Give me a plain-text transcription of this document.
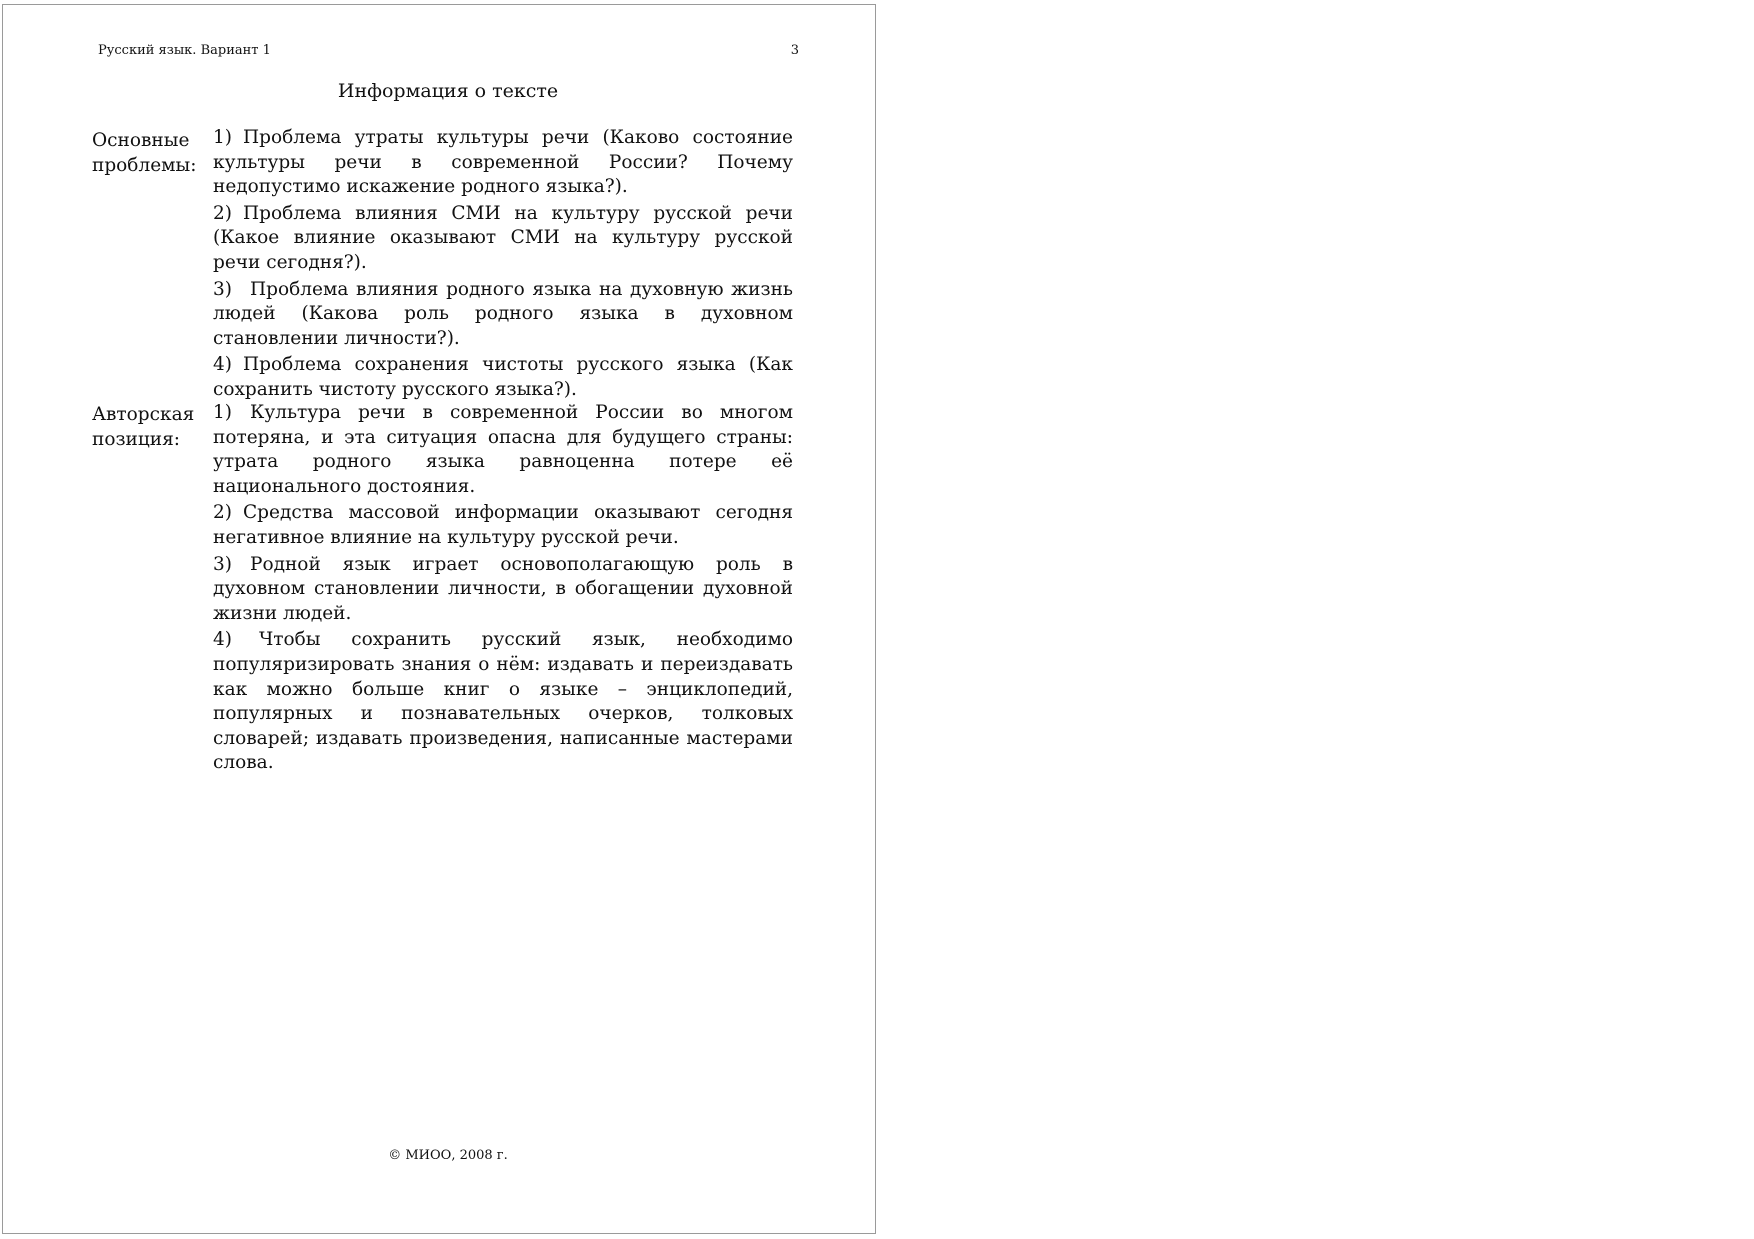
Русский язык. Вариант 1	3
Информация о тексте
Основные
проблемы:

1) Проблема утраты культуры речи (Каково состояние культуры речи в современной России? Почему недопустимо искажение родного языка?).

2) Проблема влияния СМИ на культуру русской речи (Какое влияние оказывают СМИ на культуру русской речи сегодня?).

3) Проблема влияния родного языка на духовную жизнь людей (Какова роль родного языка в духовном становлении личности?).

4) Проблема сохранения чистоты русского языка (Как сохранить чистоту русского языка?).

Авторская
позиция:

1) Культура речи в современной России во многом потеряна, и эта ситуация опасна для будущего страны: утрата родного языка равноценна потере её национального достояния.

2) Средства массовой информации оказывают сегодня негативное влияние на культуру русской речи.

3) Родной язык играет основополагающую роль в духовном становлении личности, в обогащении духовной жизни людей.

4) Чтобы сохранить русский язык, необходимо популяризировать знания о нём: издавать и переиздавать как можно больше книг о языке – энциклопедий, популярных и познавательных очерков, толковых словарей; издавать произведения, написанные мастерами слова.

© МИОО, 2008 г.
